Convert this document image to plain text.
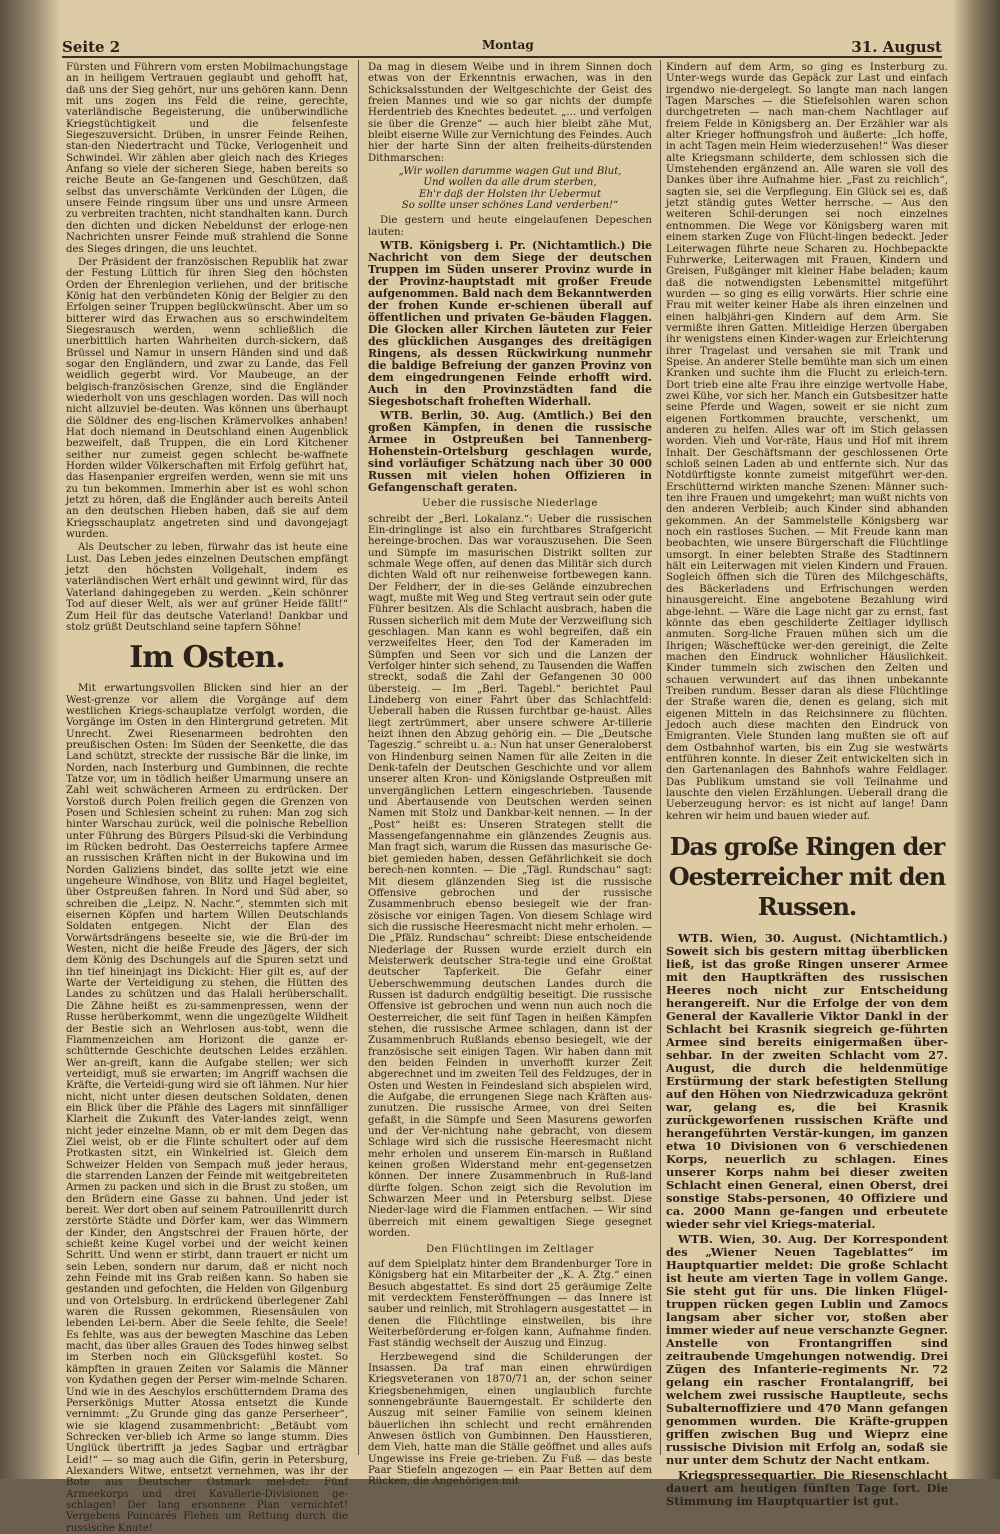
Seite 2	Montag	31. August

Fürsten und Führern vom ersten Mobilmachungstage an in heiligem Vertrauen geglaubt und gehofft hat, daß uns der Sieg gehört, nur uns gehören kann. Denn mit uns zogen ins Feld die reine, gerechte, vaterländische Begeisterung, die unüberwindliche Kriegstüchtigkeit und die felsenfeste Siegeszuversicht. Drüben, in unsrer Feinde Reihen, stan-den Niedertracht und Tücke, Verlogenheit und Schwindel. Wir zählen aber gleich nach des Krieges Anfang so viele der sicheren Siege, haben bereits so reiche Beute an Ge-fangenen und Geschützen, daß selbst das unverschämte Verkünden der Lügen, die unsere Feinde ringsum über uns und unsre Armeen zu verbreiten trachten, nicht standhalten kann. Durch den dichten und dicken Nebeldunst der erloge-nen Nachrichten unsrer Feinde muß strahlend die Sonne des Sieges dringen, die uns leuchtet.

Der Präsident der französischen Republik hat zwar der Festung Lüttich für ihren Sieg den höchsten Orden der Ehrenlegion verliehen, und der britische König hat den verbündeten König der Belgier zu den Erfolgen seiner Truppen beglückwünscht. Aber um so bitterer wird das Erwachen aus so erschwindeltem Siegesrausch werden, wenn schließlich die unerbittlich harten Wahrheiten durch-sickern, daß Brüssel und Namur in unsern Händen sind und daß sogar den Engländern, und zwar zu Lande, das Fell weidlich gegerbt wird. Vor Maubeuge, an der belgisch-französischen Grenze, sind die Engländer wiederholt von uns geschlagen worden. Das will noch nicht allzuviel be-deuten. Was können uns überhaupt die Söldner des eng-lischen Krämervolkes anhaben! Hat doch niemand in Deutschland einen Augenblick bezweifelt, daß Truppen, die ein Lord Kitchener seither nur zumeist gegen schlecht be-waffnete Horden wilder Völkerschaften mit Erfolg geführt hat, das Hasenpanier ergreifen werden, wenn sie mit uns zu tun bekommen. Immerhin aber ist es wohl schon jetzt zu hören, daß die Engländer auch bereits Anteil an den deutschen Hieben haben, daß sie auf dem Kriegsschauplatz angetreten sind und davongejagt wurden.

Als Deutscher zu leben, fürwahr das ist heute eine Lust. Das Leben jedes einzelnen Deutschen empfängt jetzt den höchsten Vollgehalt, indem es vaterländischen Wert erhält und gewinnt wird, für das Vaterland dahingegeben zu werden. „Kein schönrer Tod auf dieser Welt, als wer auf grüner Heide fällt!“ Zum Heil für das deutsche Vaterland! Dankbar und stolz grüßt Deutschland seine tapfern Söhne!

Im Osten.

Mit erwartungsvollen Blicken sind hier an der West-grenze vor allem die Vorgänge auf dem westlichen Kriegs-schauplatze verfolgt worden, die Vorgänge im Osten in den Hintergrund getreten. Mit Unrecht. Zwei Riesenarmeen bedrohten den preußischen Osten: Im Süden der Seenkette, die das Land schützt, streckte der russische Bär die linke, im Norden, nach Insterburg und Gumbinnen, die rechte Tatze vor, um in tödlich heißer Umarmung unsere an Zahl weit schwächeren Armeen zu erdrücken. Der Vorstoß durch Polen freilich gegen die Grenzen von Posen und Schlesien scheint zu ruhen: Man zog sich hinter Warschau zurück, weil die polnische Rebellion unter Führung des Bürgers Pilsud-ski die Verbindung im Rücken bedroht. Das Oesterreichs tapfere Armee an russischen Kräften nicht in der Bukowina und im Norden Galiziens bindet, das sollte jetzt wie eine ungeheure Windhose, von Blitz und Hagel begleitet, über Ostpreußen fahren. In Nord und Süd aber, so schreiben die „Leipz. N. Nachr.“, stemmten sich mit eisernen Köpfen und hartem Willen Deutschlands Soldaten entgegen. Nicht der Elan des Vorwärtsdrängens beseelte sie, wie die Brü-der im Westen, nicht die heiße Freude des Jägers, der sich dem König des Dschungels auf die Spuren setzt und ihn tief hineinjagt ins Dickicht: Hier gilt es, auf der Warte der Verteidigung zu stehen, die Hütten des Landes zu schützen und das Halali herüberschallt. Die Zähne heißt es zu-sammenpressen, wenn der Russe herüberkommt, wenn die ungezügelte Wildheit der Bestie sich an Wehrlosen aus-tobt, wenn die Flammenzeichen am Horizont die ganze er-schütternde Geschichte deutschen Leides erzählen. Wer an-greift, kann die Aufgabe stellen; wer sich verteidigt, muß sie erwarten; im Angriff wachsen die Kräfte, die Verteidi-gung wird sie oft lähmen. Nur hier nicht, nicht unter diesen deutschen Soldaten, denen ein Blick über die Pfähle des Lagers mit sinnfälliger Klarheit die Zukunft des Vater-landes zeigt, wenn nicht jeder einzelne Mann, ob er mit dem Degen das Ziel weist, ob er die Flinte schultert oder auf dem Protkasten sitzt, ein Winkelried ist. Gleich dem Schweizer Helden von Sempach muß jeder heraus, die starrenden Lanzen der Feinde mit weitgebreiteten Armen zu packen und sich in die Brust zu stoßen, um den Brüdern eine Gasse zu bahnen. Und jeder ist bereit. Wer dort oben auf seinem Patrouillenritt durch zerstörte Städte und Dörfer kam, wer das Wimmern der Kinder, den Angstschrei der Frauen hörte, der schießt keine Kugel vorbei und der weicht keinen Schritt. Und wenn er stirbt, dann trauert er nicht um sein Leben, sondern nur darum, daß er nicht noch zehn Feinde mit ins Grab reißen kann. So haben sie gestanden und gefochten, die Helden von Gilgenburg und von Ortelsburg. In erdrückend überlegener Zahl waren die Russen gekommen, Riesensäulen von lebenden Lei-bern. Aber die Seele fehlte, die Seele! Es fehlte, was aus der bewegten Maschine das Leben macht, das über alles Grauen des Todes hinweg selbst im Sterben noch ein Glücksgefühl kostet. So kämpften in grauen Zeiten vor Salamis die Männer von Kydathen gegen der Perser wim-melnde Scharen. Und wie in des Aeschylos erschütterndem Drama des Perserkönigs Mutter Atossa entsetzt die Kunde vernimmt: „Zu Grunde ging das ganze Perserheer“, wie sie klagend zusammenbricht: „Betäubt vom Schrecken ver-blieb ich Arme so lange stumm. Dies Unglück übertrifft ja jedes Sagbar und erträgbar Leid!“ — so mag auch die Gifin, gerin in Petersburg, Alexanders Witwe, entsetzt vernehmen, was ihr der Bote aus Deutscher Ostmark mel-det: Fünf Armeekorps und drei Kavallerie-Divisionen ge-schlagen! Der lang ersonnene Plan vernichtet! Vergebens Poincarés Flehen um Rettung durch die russische Knute!

Da mag in diesem Weibe und in ihrem Sinnen doch etwas von der Erkenntnis erwachen, was in den Schicksalsstunden der Weltgeschichte der Geist des freien Mannes und wie so gar nichts der dumpfe Herdentrieb des Knechtes bedeutet. „... und verfolgen sie über die Grenze“ — auch hier bleibt zähe Mut, bleibt eiserne Wille zur Vernichtung des Feindes. Auch hier der harte Sinn der alten freiheits-dürstenden Dithmarschen:

„Wir wollen darumme wagen Gut und Blut,
Und wollen da alle drum sterben,
Eh'r daß der Holsten ihr Uebermut
So sollte unser schönes Land verderben!“

Die gestern und heute eingelaufenen Depeschen lauten:

WTB. Königsberg i. Pr. (Nichtamtlich.) Die Nachricht von dem Siege der deutschen Truppen im Süden unserer Provinz wurde in der Provinz-hauptstadt mit großer Freude aufgenommen. Bald nach dem Bekanntwerden der frohen Kunde er-schienen überall auf öffentlichen und privaten Ge-bäuden Flaggen. Die Glocken aller Kirchen läuteten zur Feier des glücklichen Ausganges des dreitägigen Ringens, als dessen Rückwirkung nunmehr die baldige Befreiung der ganzen Provinz von dem eingedrungenen Feinde erhofft wird. Auch in den Provinzstädten fand die Siegesbotschaft froheften Widerhall.

WTB. Berlin, 30. Aug. (Amtlich.) Bei den großen Kämpfen, in denen die russische Armee in Ostpreußen bei Tannenberg-Hohenstein-Ortelsburg geschlagen wurde, sind vorläufiger Schätzung nach über 30 000 Russen mit vielen hohen Offizieren in Gefangenschaft geraten.

Ueber die russische Niederlage

schreibt der „Berl. Lokalanz.“: Ueber die russischen Ein-dringlinge ist also ein furchtbares Strafgericht hereinge-brochen. Das war vorauszusehen. Die Seen und Sümpfe im masurischen Distrikt sollten zur schmale Wege offen, auf denen das Militär sich durch dichten Wald oft nur reihenweise fortbewegen kann. Der Feldherr, der in die-ses Gelände einzubrechen wagt, mußte mit Weg und Steg vertraut sein oder gute Führer besitzen. Als die Schlacht ausbrach, haben die Russen sicherlich mit dem Mute der Verzweiflung sich geschlagen. Man kann es wohl begreifen, daß ein verzweifeltes Heer, den Tod der Kameraden im Sümpfen und Seen vor sich und die Lanzen der Verfolger hinter sich sehend, zu Tausenden die Waffen streckt, sodaß die Zahl der Gefangenen 30 000 übersteig. — Im „Berl. Tagebl.“ berichtet Paul Lindeberg von einer Fahrt über das Schlachtfeld: Ueberall haben die Russen furchtbar ge-haust. Alles liegt zertrümmert, aber unsere schwere Ar-tillerie heizt ihnen den Abzug gehörig ein. — Die „Deutsche Tageszig.“ schreibt u. a.: Nun hat unser Generaloberst von Hindenburg seinen Namen für alle Zeiten in die Denk-tafeln der Deutschen Geschichte und vor allem unserer alten Kron- und Königslande Ostpreußen mit unvergänglichen Lettern eingeschrieben. Tausende und Abertausende von Deutschen werden seinen Namen mit Stolz und Dankbar-keit nennen. — In der „Post“ heißt es: Unseren Strategen stellt die Massengefangennahme ein glänzendes Zeugnis aus. Man fragt sich, warum die Russen das masurische Ge-biet gemieden haben, dessen Gefährlichkeit sie doch berech-nen konnten. — Die „Tägl. Rundschau“ sagt: Mit diesem glänzenden Sieg ist die russische Offensive gebrochen und der russische Zusammenbruch ebenso besiegelt wie der fran-zösische vor einigen Tagen. Von diesem Schlage wird sich die russische Heeresmacht nicht mehr erholen. — Die „Pfälz. Rundschau“ schreibt: Diese entscheidende Niederlage der Russen wurde erzielt durch ein Meisterwerk deutscher Stra-tegie und eine Großtat deutscher Tapferkeit. Die Gefahr einer Ueberschwemmung deutschen Landes durch die Russen ist dadurch endgültig beseitigt. Die russische Offensive ist gebrochen und wenn nun auch noch die Oesterreicher, die seit fünf Tagen in heißen Kämpfen stehen, die russische Armee schlagen, dann ist der Zusammenbruch Rußlands ebenso besiegelt, wie der französische seit einigen Tagen. Wir haben dann mit den beiden Feinden in unverhofft kurzer Zeit abgerechnet und im zweiten Teil des Feldzuges, der in Osten und Westen in Feindesland sich abspielen wird, die Aufgabe, die errungenen Siege nach Kräften aus-zunutzen. Die russische Armee, von drei Seiten gefaßt, in die Sümpfe und Seen Masurens geworfen und der Ver-nichtung nahe gebracht, von diesem Schlage wird sich die russische Heeresmacht nicht mehr erholen und unserem Ein-marsch in Rußland keinen großen Widerstand mehr ent-gegensetzen können. Der innere Zusammenbruch in Ruß-land dürfte folgen. Schon zeigt sich die Revolution im Schwarzen Meer und in Petersburg selbst. Diese Nieder-lage wird die Flammen entfachen. — Wir sind überreich mit einem gewaltigen Siege gesegnet worden.

Den Flüchtlingen im Zeltlager

auf dem Spielplatz hinter dem Brandenburger Tore in Königsberg hat ein Mitarbeiter der „K. A. Ztg.“ einen Besuch abgestattet. Es sind dort 25 geräumige Zelte mit verdecktem Fensteröffnungen — das Innere ist sauber und reinlich, mit Strohlagern ausgestattet — in denen die Flüchtlinge einstweilen, bis ihre Weiterbeförderung er-folgen kann, Aufnahme finden. Fast ständig wechselt der Auszug und Einzug.

Herzbewegend sind die Schilderungen der Insassen. Da traf man einen ehrwürdigen Kriegsveteranen von 1870/71 an, der schon seiner Kriegsbenehmigen, einen unglaublich furchte sonnengebräunte Bauerngestalt. Er schilderte den Auszug mit seiner Familie von seinem kleinen bäuerlichen ihn schlecht und recht ernährenden Anwesen östlich von Gumbinnen. Den Hausstieren, dem Vieh, hatte man die Ställe geöffnet und alles aufs Ungewisse ins Freie ge-trieben. Zu Fuß — das beste Paar Stiefeln angezogen — ein Paar Betten auf dem Rücken, die Angehörigen mit

Kindern auf dem Arm, so ging es Insterburg zu. Unter-wegs wurde das Gepäck zur Last und einfach irgendwo nie-dergelegt. So langte man nach langen Tagen Marsches — die Stiefelsohlen waren schon durchgetreten — nach man-chem Nachtlager auf freiem Felde in Königsberg an. Der Erzähler war als alter Krieger hoffnungsfroh und äußerte: „Ich hoffe, in acht Tagen mein Heim wiederzusehen!“ Was dieser alte Kriegsmann schilderte, dem schlossen sich die Umstehenden ergänzend an. Alle waren sie voll des Dankes über ihre Aufnahme hier. „Fast zu reichlich“, sagten sie, sei die Verpflegung. Ein Glück sei es, daß jetzt ständig gutes Wetter herrsche. — Aus den weiteren Schil-derungen sei noch einzelnes entnommen. Die Wege vor Königsberg waren mit einem starken Zuge von Flücht-lingen bedeckt. Jeder Leiterwagen führte neue Scharen zu. Hochbepackte Fuhrwerke, Leiterwagen mit Frauen, Kindern und Greisen, Fußgänger mit kleiner Habe beladen; kaum daß die notwendigsten Lebensmittel mitgeführt wurden — so ging es eilig vorwärts. Hier schrie eine Frau mit weiter keiner Habe als ihren einzelnen und einen halbjähri-gen Kindern auf dem Arm. Sie vermißte ihren Gatten. Mitleidige Herzen übergaben ihr wenigstens einen Kinder-wagen zur Erleichterung ihrer Tragelast und versahen sie mit Trank und Speise. An anderer Stelle bemühte man sich um einen Kranken und suchte ihm die Flucht zu erleich-tern. Dort trieb eine alte Frau ihre einzige wertvolle Habe, zwei Kühe, vor sich her. Manch ein Gutsbesitzer hatte seine Pferde und Wagen, soweit er sie nicht zum eigenen Fortkommen brauchte, verschenkt, um anderen zu helfen. Alles war oft im Stich gelassen worden. Vieh und Vor-räte, Haus und Hof mit ihrem Inhalt. Der Geschäftsmann der geschlossenen Orte schloß seinen Laden ab und entfernte sich. Nur das Notdürftigste konnte zumeist mitgeführt wer-den. Erschütternd wirkten manche Szenen: Männer such-ten ihre Frauen und umgekehrt; man wußt nichts von den anderen Verbleib; auch Kinder sind abhanden gekommen. An der Sammelstelle Königsberg war noch ein rastloses Suchen. — Mit Freude kann man beobachten, wie unsere Bürgerschaft die Flüchtlinge umsorgt. In einer belebten Straße des Stadtinnern hält ein Leiterwagen mit vielen Kindern und Frauen. Sogleich öffnen sich die Türen des Milchgeschäfts, des Bäckerladens und Erfrischungen werden hinausgereicht. Eine angebotene Bezahlung wird abge-lehnt. — Wäre die Lage nicht gar zu ernst, fast könnte das eben geschilderte Zeltlager idyllisch anmuten. Sorg-liche Frauen mühen sich um die Ihrigen; Wäscheftücke wer-den gereinigt, die Zelte machen den Eindruck wohnlicher Häuslichkeit. Kinder tummeln sich zwischen den Zelten und schauen verwundert auf das ihnen unbekannte Treiben rundum. Besser daran als diese Flüchtlinge der Straße waren die, denen es gelang, sich mit eigenen Mitteln in das Reichsinnere zu flüchten. Jedoch auch diese machten den Eindruck von Emigranten. Viele Stunden lang mußten sie oft auf dem Ostbahnhof warten, bis ein Zug sie westwärts entführen konnte. In dieser Zeit entwickelten sich in den Gartenanlagen des Bahnhofs wahre Feldlager. Das Publikum umstand sie voll Teilnahme und lauschte den vielen Erzählungen. Ueberall drang die Ueberzeugung hervor: es ist nicht auf lange! Dann kehren wir heim und bauen wieder auf.

Das große Ringen der Oesterreicher mit den Russen.

WTB. Wien, 30. August. (Nichtamtlich.) Soweit sich bis gestern mittag überblicken ließ, ist das große Ringen unserer Armee mit den Hauptkräften des russischen Heeres noch nicht zur Entscheidung herangereift. Nur die Erfolge der von dem General der Kavallerie Viktor Dankl in der Schlacht bei Krasnik siegreich ge-führten Armee sind bereits einigermaßen über-sehbar. In der zweiten Schlacht vom 27. August, die durch die heldenmütige Erstürmung der stark befestigten Stellung auf den Höhen von Niedrzwicaduza gekrönt war, gelang es, die bei Krasnik zurückgeworfenen russischen Kräfte und herangeführten Verstär-kungen, im ganzen etwa 10 Divisionen von 6 verschiedenen Korps, neuerlich zu schlagen. Eines unserer Korps nahm bei dieser zweiten Schlacht einen General, einen Oberst, drei sonstige Stabs-personen, 40 Offiziere und ca. 2000 Mann ge-fangen und erbeutete wieder sehr viel Kriegs-material.

WTB. Wien, 30. Aug. Der Korrespondent des „Wiener Neuen Tageblattes“ im Hauptquartier meldet: Die große Schlacht ist heute am vierten Tage in vollem Gange. Sie steht gut für uns. Die linken Flügel-truppen rücken gegen Lublin und Zamocs langsam aber sicher vor, stoßen aber immer wieder auf neue verschanzte Gegner. Anstelle von Frontangriffen sind zeitraubende Umgehungen notwendig. Drei Zügen des Infanterie-regiments Nr. 72 gelang ein rascher Frontalangriff, bei welchem zwei russische Hauptleute, sechs Subalternoffiziere und 470 Mann gefangen genommen wurden. Die Kräfte-gruppen griffen zwischen Bug und Wieprz eine russische Division mit Erfolg an, sodaß sie nur unter dem Schutz der Nacht entkam.

Kriegspressequartier. Die Riesenschlacht dauert am heutigen fünften Tage fort. Die Stimmung im Hauptquartier ist gut.
